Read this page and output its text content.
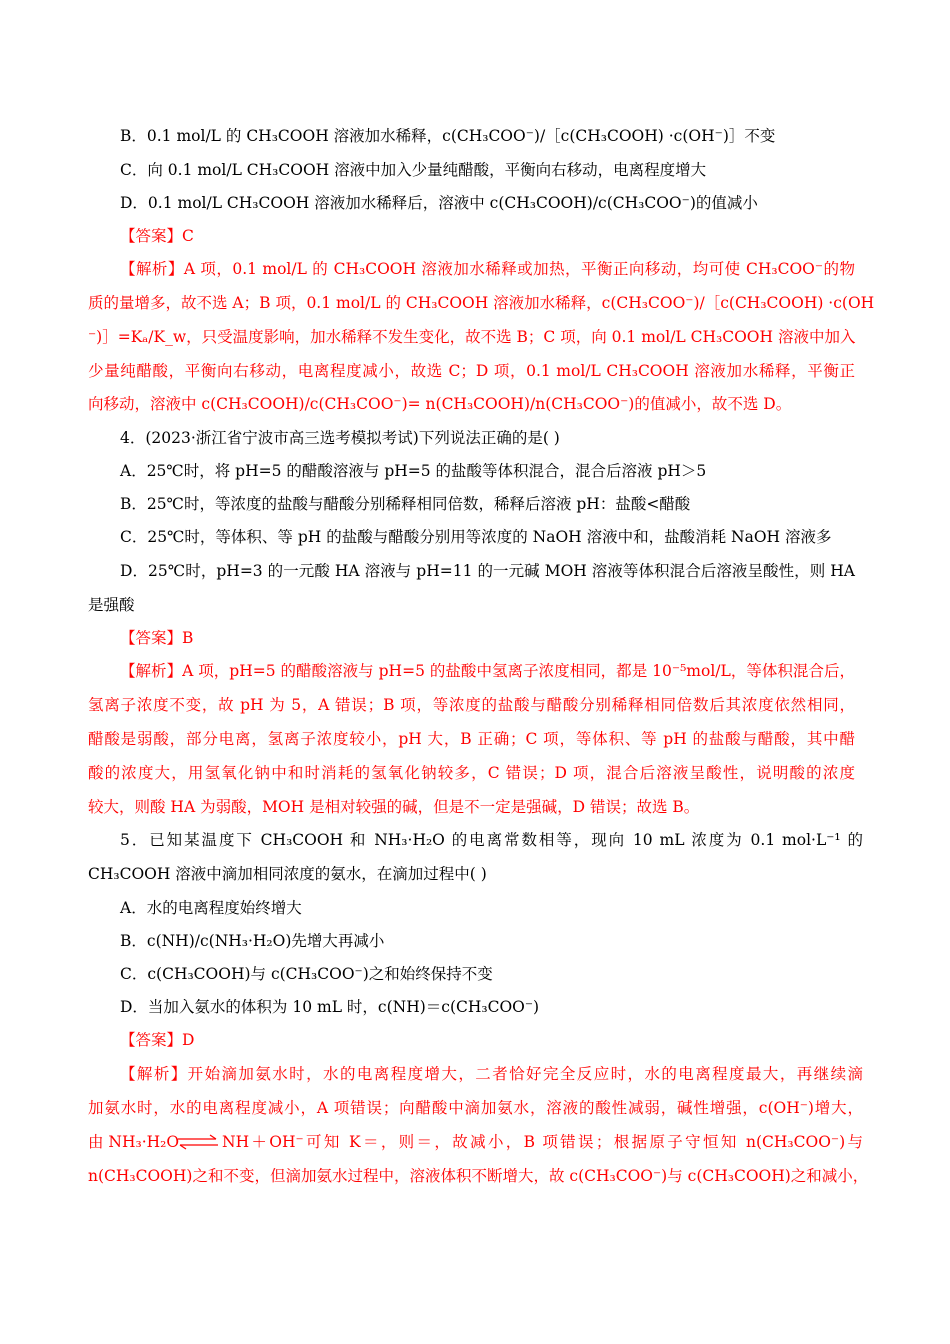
B．0.1 mol/L 的 CH₃COOH 溶液加水稀释，c(CH₃COO⁻)/［c(CH₃COOH) ·c(OH⁻)］不变
C．向 0.1 mol/L CH₃COOH 溶液中加入少量纯醋酸，平衡向右移动，电离程度增大
D．0.1 mol/L CH₃COOH 溶液加水稀释后，溶液中 c(CH₃COOH)/c(CH₃COO⁻)的值减小
【答案】C
【解析】A 项，0.1 mol/L 的 CH₃COOH 溶液加水稀释或加热，平衡正向移动，均可使 CH₃COO⁻的物
质的量增多，故不选 A；B 项，0.1 mol/L 的 CH₃COOH 溶液加水稀释，c(CH₃COO⁻)/［c(CH₃COOH) ·c(OH
⁻)］=Kₐ/K_w，只受温度影响，加水稀释不发生变化，故不选 B；C 项，向 0.1 mol/L CH₃COOH 溶液中加入
少量纯醋酸，平衡向右移动，电离程度减小，故选 C；D 项，0.1 mol/L CH₃COOH 溶液加水稀释，平衡正
向移动，溶液中 c(CH₃COOH)/c(CH₃COO⁻)= n(CH₃COOH)/n(CH₃COO⁻)的值减小，故不选 D。
4．(2023·浙江省宁波市高三选考模拟考试)下列说法正确的是( )
A．25℃时，将 pH=5 的醋酸溶液与 pH=5 的盐酸等体积混合，混合后溶液 pH＞5
B．25℃时，等浓度的盐酸与醋酸分别稀释相同倍数，稀释后溶液 pH：盐酸<醋酸
C．25℃时，等体积、等 pH 的盐酸与醋酸分别用等浓度的 NaOH 溶液中和，盐酸消耗 NaOH 溶液多
D．25℃时，pH=3 的一元酸 HA 溶液与 pH=11 的一元碱 MOH 溶液等体积混合后溶液呈酸性，则 HA
是强酸
【答案】B
【解析】A 项，pH=5 的醋酸溶液与 pH=5 的盐酸中氢离子浓度相同，都是 10⁻⁵mol/L，等体积混合后，
氢离子浓度不变，故 pH 为 5，A 错误；B 项，等浓度的盐酸与醋酸分别稀释相同倍数后其浓度依然相同，
醋酸是弱酸，部分电离，氢离子浓度较小，pH 大，B 正确；C 项，等体积、等 pH 的盐酸与醋酸，其中醋
酸的浓度大，用氢氧化钠中和时消耗的氢氧化钠较多，C 错误；D 项，混合后溶液呈酸性，说明酸的浓度
较大，则酸 HA 为弱酸，MOH 是相对较强的碱，但是不一定是强碱，D 错误；故选 B。
5．已知某温度下 CH₃COOH 和 NH₃·H₂O 的电离常数相等，现向 10 mL 浓度为 0.1 mol·L⁻¹ 的
CH₃COOH 溶液中滴加相同浓度的氨水，在滴加过程中( )
A．水的电离程度始终增大
B．c(NH)/c(NH₃·H₂O)先增大再减小
C．c(CH₃COOH)与 c(CH₃COO⁻)之和始终保持不变
D．当加入氨水的体积为 10 mL 时，c(NH)＝c(CH₃COO⁻)
【答案】D
【解析】开始滴加氨水时，水的电离程度增大，二者恰好完全反应时，水的电离程度最大，再继续滴
加氨水时，水的电离程度减小，A 项错误；向醋酸中滴加氨水，溶液的酸性减弱，碱性增强，c(OH⁻)增大，
由 NH₃·H₂O ⇌ NH＋OH⁻可知 K＝，则＝，故减小，B 项错误；根据原子守恒知 n(CH₃COO⁻)与
n(CH₃COOH)之和不变，但滴加氨水过程中，溶液体积不断增大，故 c(CH₃COO⁻)与 c(CH₃COOH)之和减小，
